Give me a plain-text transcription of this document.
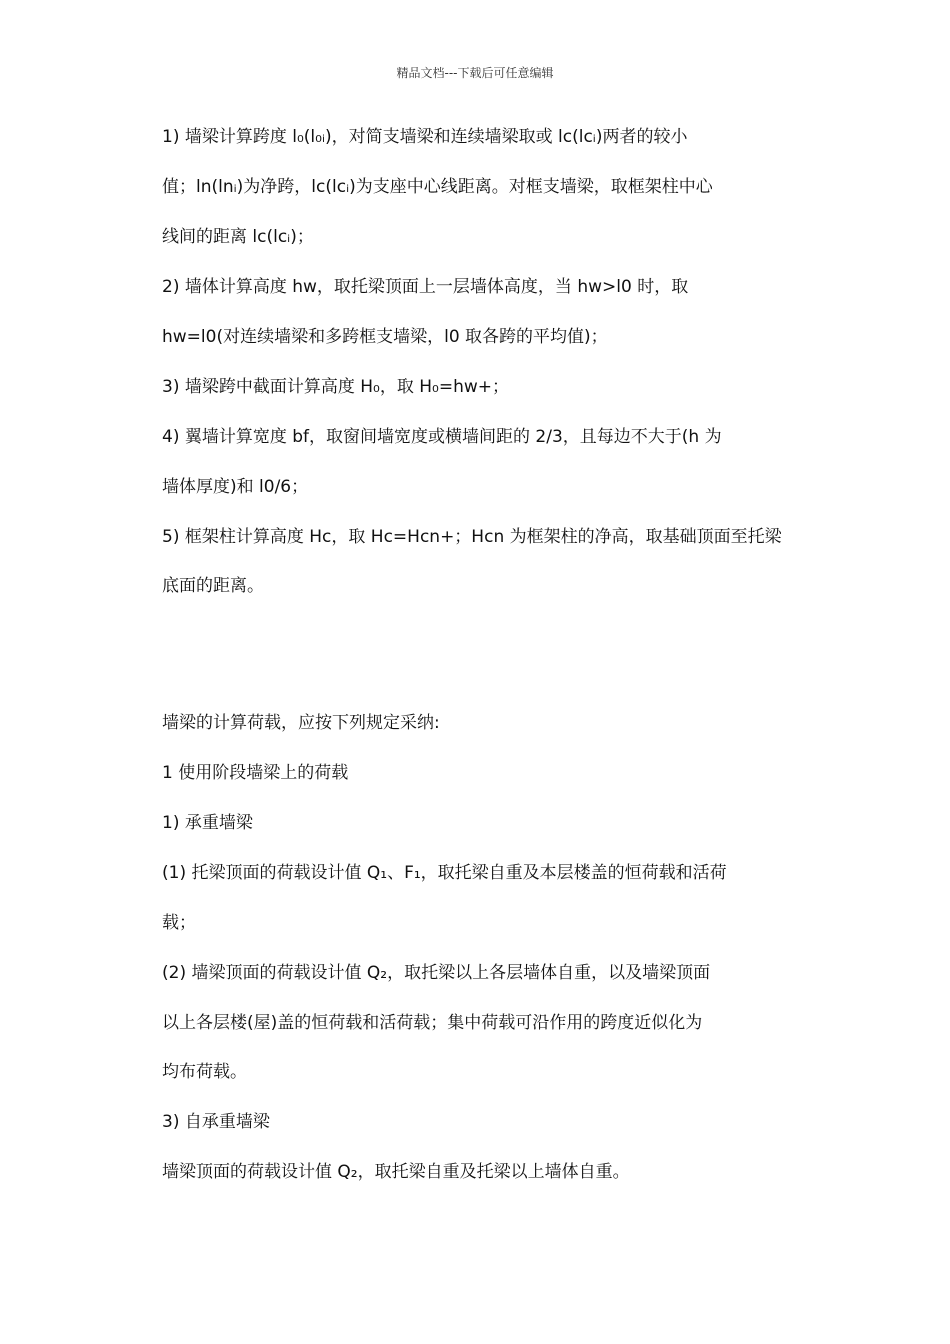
精品文档---下载后可任意编辑
1) 墙梁计算跨度 l₀(l₀ᵢ)，对简支墙梁和连续墙梁取或 lc(lcᵢ)两者的较小
值；ln(lnᵢ)为净跨，lc(lcᵢ)为支座中心线距离。对框支墙梁，取框架柱中心
线间的距离 lc(lcᵢ)；
2) 墙体计算高度 hw，取托梁顶面上一层墙体高度，当 hw>l0 时，取
hw=l0(对连续墙梁和多跨框支墙梁，l0 取各跨的平均值)；
3) 墙梁跨中截面计算高度 H₀，取 H₀=hw+；
4) 翼墙计算宽度 bf，取窗间墙宽度或横墙间距的 2/3，且每边不大于(h 为
墙体厚度)和 l0/6；
5) 框架柱计算高度 Hc，取 Hc=Hcn+；Hcn 为框架柱的净高，取基础顶面至托梁
底面的距离。
墙梁的计算荷载，应按下列规定采纳:
1 使用阶段墙梁上的荷载
1) 承重墙梁
(1) 托梁顶面的荷载设计值 Q₁、F₁，取托梁自重及本层楼盖的恒荷载和活荷
载；
(2) 墙梁顶面的荷载设计值 Q₂，取托梁以上各层墙体自重，以及墙梁顶面
以上各层楼(屋)盖的恒荷载和活荷载；集中荷载可沿作用的跨度近似化为
均布荷载。
3) 自承重墙梁
墙梁顶面的荷载设计值 Q₂，取托梁自重及托梁以上墙体自重。
